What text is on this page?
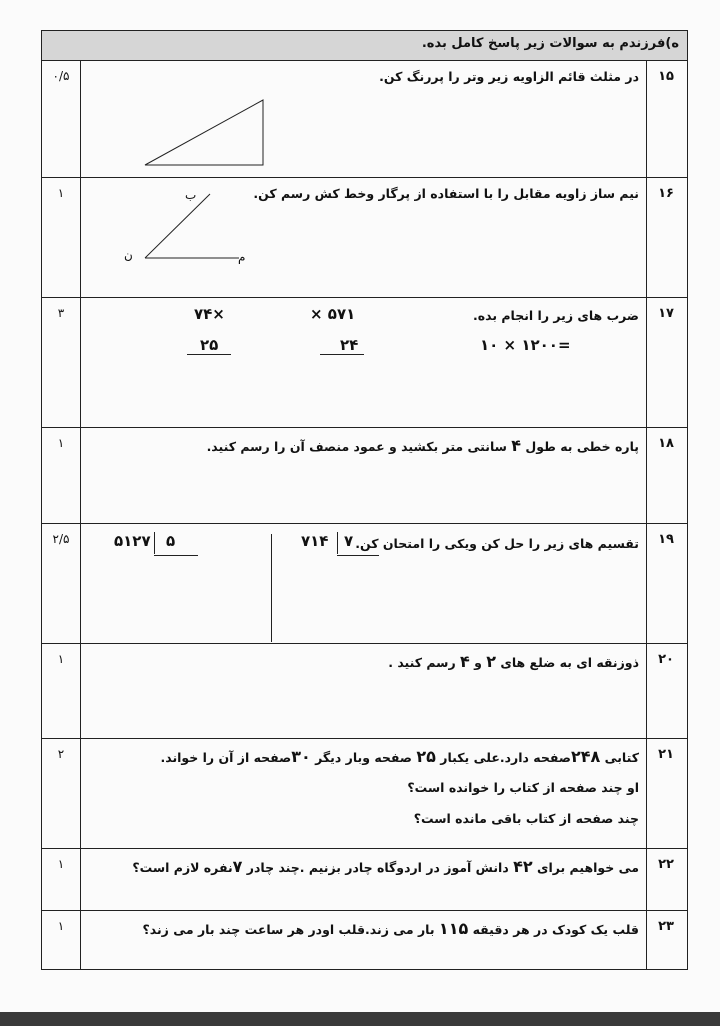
ه)فرزندم به سوالات زیر پاسخ کامل بده.
۱۵
۰/۵	در مثلث قائم الزاویه زیر وتر را پررنگ کن.
۱۶
۱	نیم ساز زاویه مقابل را با استفاده از پرگار وخط کش رسم کن.
ب
ن	م
۱۷
۳	ضرب های زیر را انجام بده.
۷۴×
۲۵
× ۵۷۱
۲۴	۱۰ × ۱۲۰۰=
۱۸
۱	پاره خطی به طول ۴ سانتی متر بکشید و عمود منصف آن را رسم کنید.
۱۹
۲/۵	تقسیم های زیر را حل کن ویکی را امتحان کن.
۷۱۴ ۷
۵۱۲۷ ۵
۲۰
۱	ذوزنقه ای به ضلع های ۲ و ۴ رسم کنید .
۲۱
۲	کتابی ۲۴۸صفحه دارد.علی یکبار ۲۵ صفحه وبار دیگر ۳۰صفحه از آن را خواند.
او چند صفحه از کتاب را خوانده است؟
چند صفحه از کتاب باقی مانده است؟
۲۲
۱	می خواهیم برای ۴۲ دانش آموز در اردوگاه چادر بزنیم .چند چادر ۷نفره لازم است؟
۲۳
۱	قلب یک کودک در هر دقیقه ۱۱۵ بار می زند.قلب اودر هر ساعت چند بار می زند؟
